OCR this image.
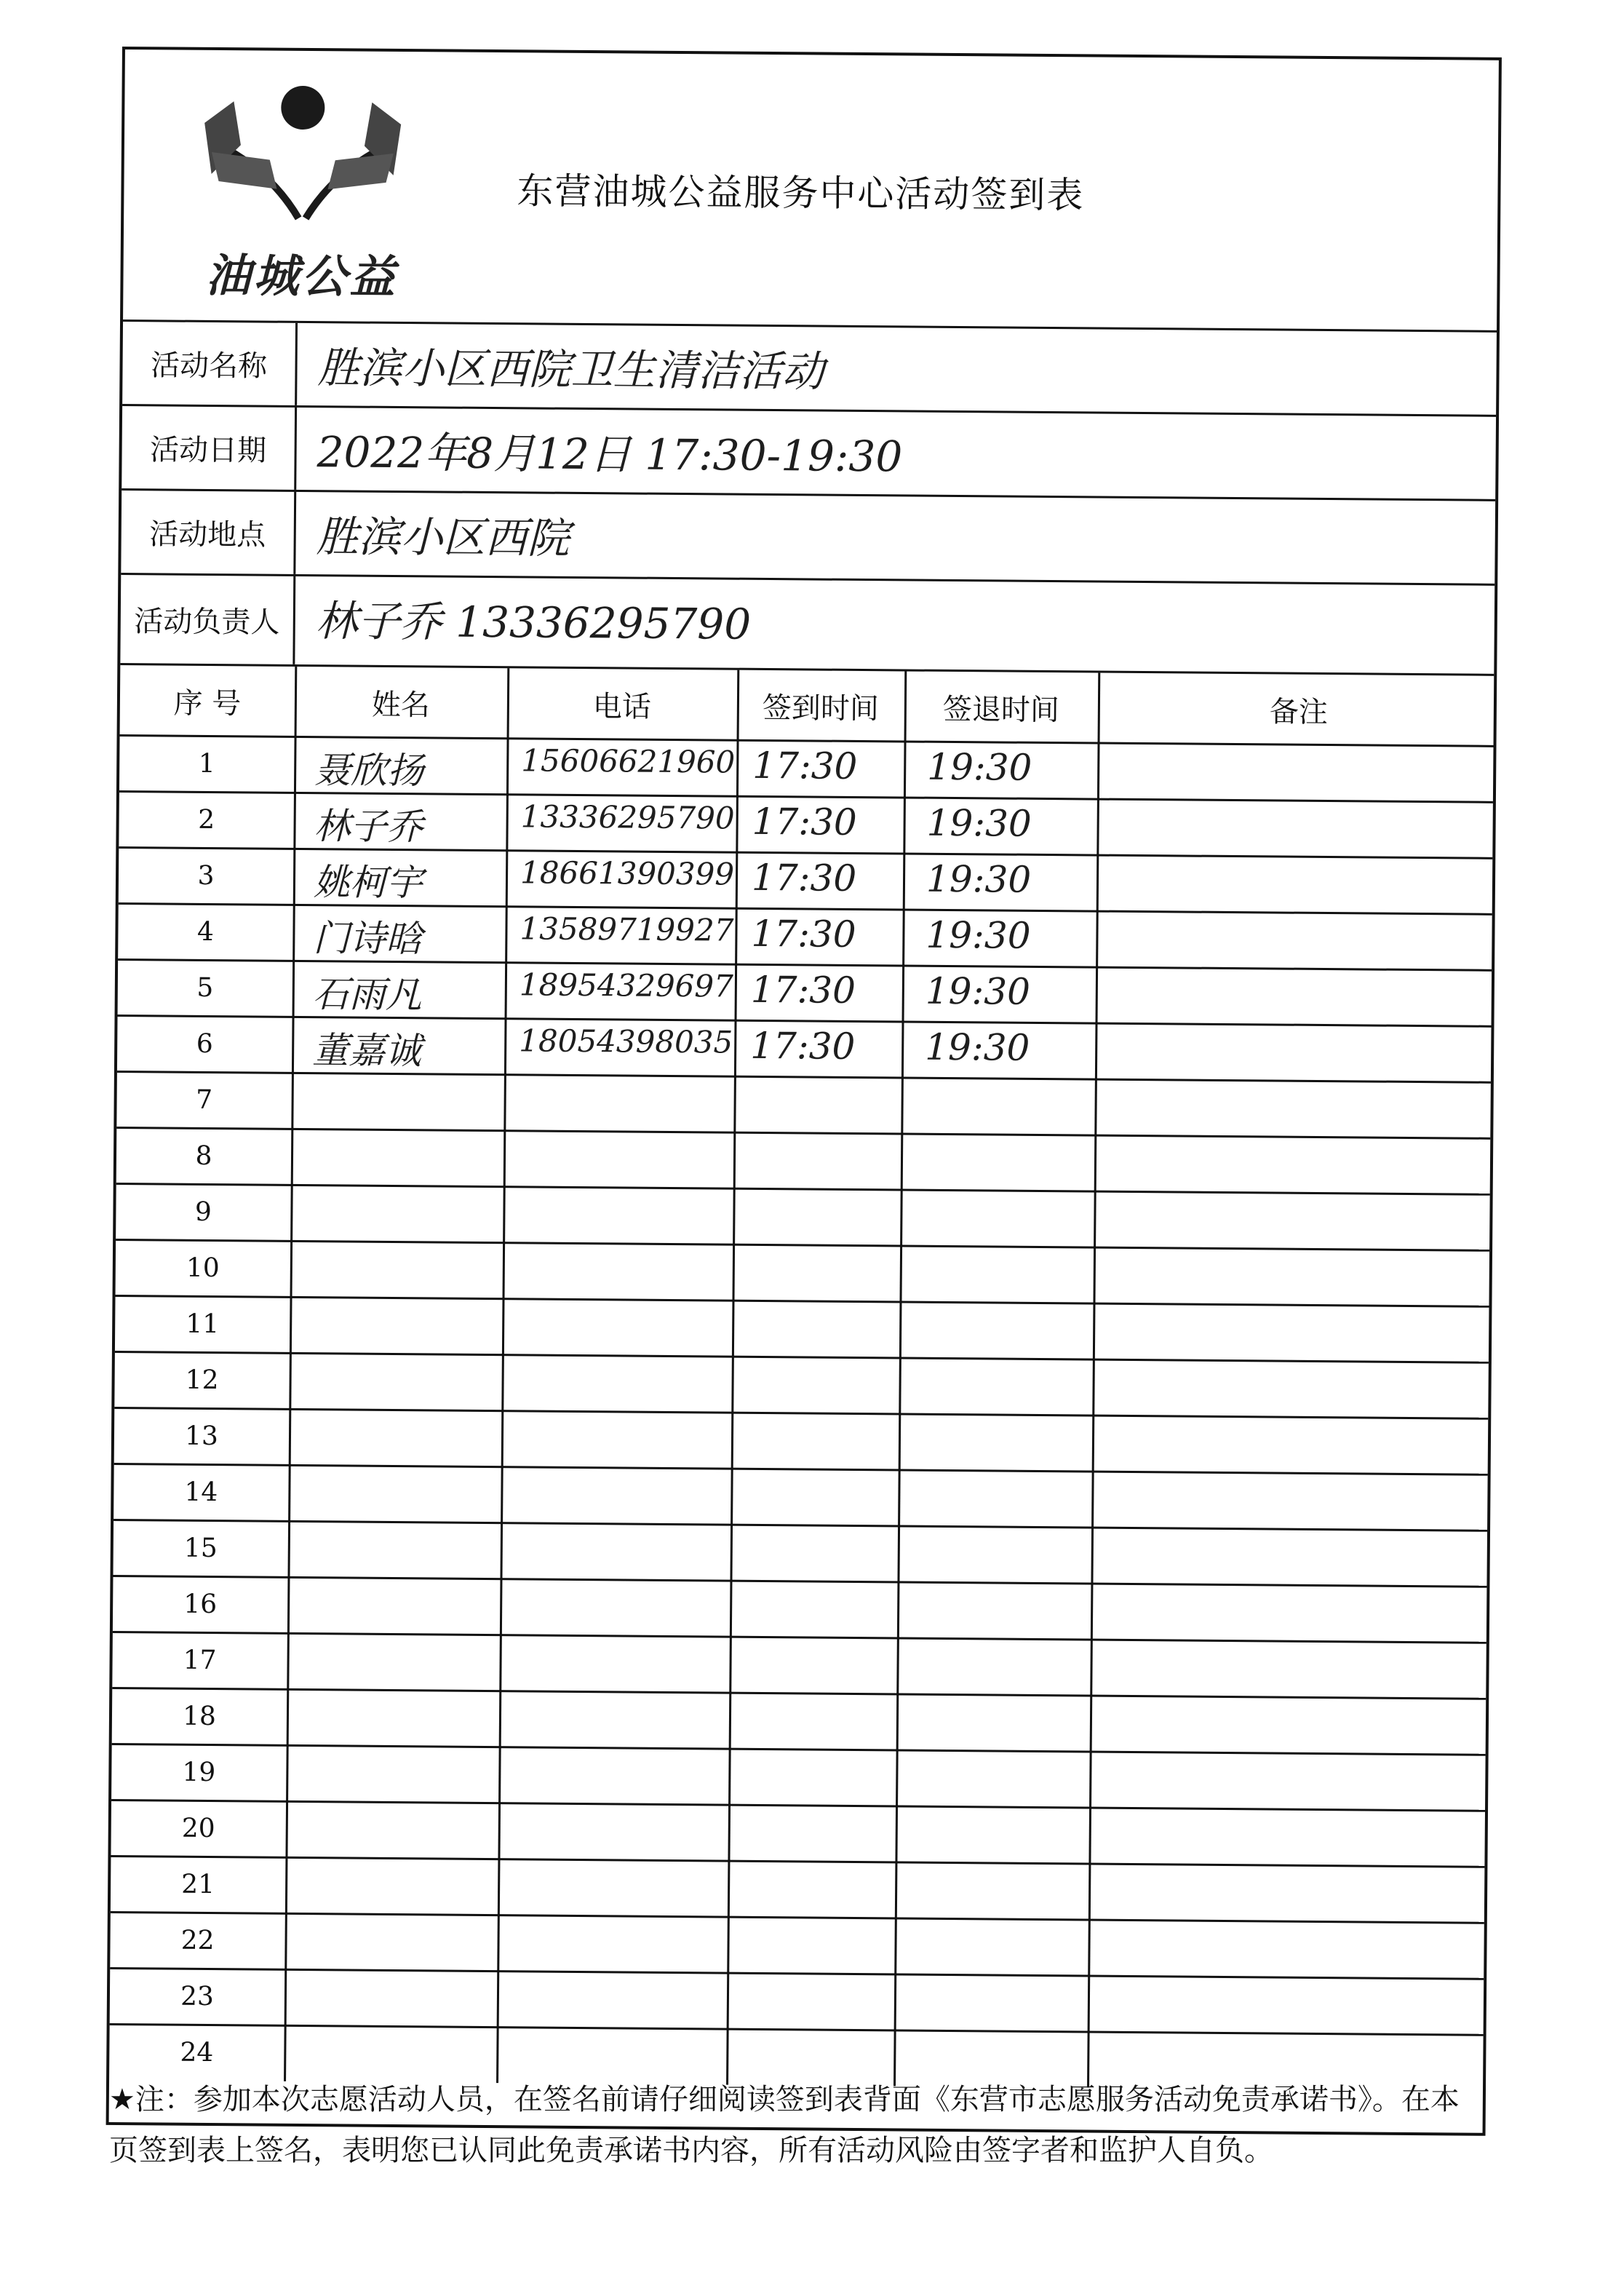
油城公益
东营油城公益服务中心活动签到表
活动名称	胜滨小区西院卫生清洁活动
活动日期	2022年8月12日 17:30-19:30
活动地点	胜滨小区西院
活动负责人 林子乔 13336295790
序 号	姓名	电话	签到时间	签退时间	备注
1	聂欣扬	15606621960 17:30 19:30
2	林子乔	13336295790 17:30 19:30
3	姚柯宇	18661390399 17:30 19:30
4	门诗晗	13589719927 17:30 19:30
5	石雨凡	18954329697 17:30 19:30
6	董嘉诚	18054398035 17:30 19:30
7
8
9
10
11
12
13
14
15
16
17
18
19
20
21
22
23
24
★注：参加本次志愿活动人员，在签名前请仔细阅读签到表背面《东营市志愿服务活动免责承诺书》。在本页签到表上签名，表明您已认同此免责承诺书内容，所有活动风险由签字者和监护人自负。
